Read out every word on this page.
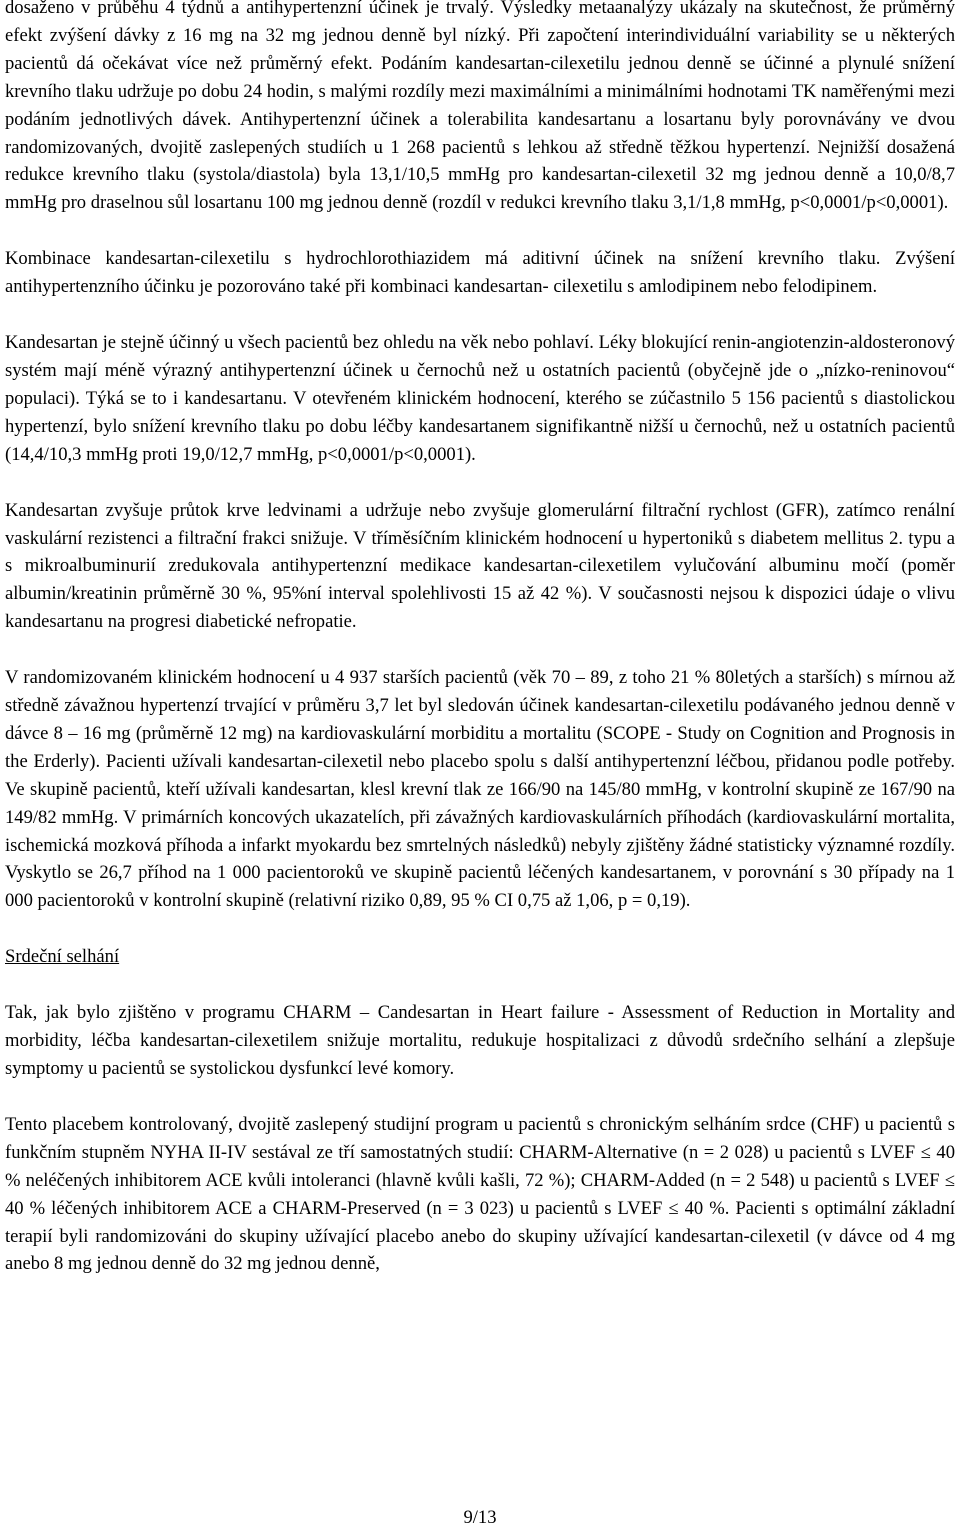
dosaženo v průběhu 4 týdnů a antihypertenzní účinek je trvalý. Výsledky metaanalýzy ukázaly na skutečnost, že průměrný efekt zvýšení dávky z 16 mg na 32 mg jednou denně byl nízký. Při započtení interindividuální variability se u některých pacientů dá očekávat více než průměrný efekt. Podáním kandesartan-cilexetilu jednou denně se účinné a plynulé snížení krevního tlaku udržuje po dobu 24 hodin, s malými rozdíly mezi maximálními a minimálními hodnotami TK naměřenými mezi podáním jednotlivých dávek. Antihypertenzní účinek a tolerabilita kandesartanu a losartanu byly porovnávány ve dvou randomizovaných, dvojitě zaslepených studiích u 1 268 pacientů s lehkou až středně těžkou hypertenzí. Nejnižší dosažená redukce krevního tlaku (systola/diastola) byla 13,1/10,5 mmHg pro kandesartan-cilexetil 32 mg jednou denně a 10,0/8,7 mmHg pro draselnou sůl losartanu 100 mg jednou denně (rozdíl v redukci krevního tlaku 3,1/1,8 mmHg, p<0,0001/p<0,0001).

Kombinace kandesartan-cilexetilu s hydrochlorothiazidem má aditivní účinek na snížení krevního tlaku. Zvýšení antihypertenzního účinku je pozorováno také při kombinaci kandesartan- cilexetilu s amlodipinem nebo felodipinem.

Kandesartan je stejně účinný u všech pacientů bez ohledu na věk nebo pohlaví. Léky blokující renin-angiotenzin-aldosteronový systém mají méně výrazný antihypertenzní účinek u černochů než u ostatních pacientů (obyčejně jde o „nízko-reninovou“ populaci). Týká se to i kandesartanu. V otevřeném klinickém hodnocení, kterého se zúčastnilo 5 156 pacientů s diastolickou hypertenzí, bylo snížení krevního tlaku po dobu léčby kandesartanem signifikantně nižší u černochů, než u ostatních pacientů (14,4/10,3 mmHg proti 19,0/12,7 mmHg, p<0,0001/p<0,0001).

Kandesartan zvyšuje průtok krve ledvinami a udržuje nebo zvyšuje glomerulární filtrační rychlost (GFR), zatímco renální vaskulární rezistenci a filtrační frakci snižuje. V tříměsíčním klinickém hodnocení u hypertoniků s diabetem mellitus 2. typu a s mikroalbuminurií zredukovala antihypertenzní medikace kandesartan-cilexetilem vylučování albuminu močí (poměr albumin/kreatinin průměrně 30 %, 95%ní interval spolehlivosti 15 až 42 %). V současnosti nejsou k dispozici údaje o vlivu kandesartanu na progresi diabetické nefropatie.

V randomizovaném klinickém hodnocení u 4 937 starších pacientů (věk 70 – 89, z toho 21 % 80letých a starších) s mírnou až středně závažnou hypertenzí trvající v průměru 3,7 let byl sledován účinek kandesartan-cilexetilu podávaného jednou denně v dávce 8 – 16 mg (průměrně 12 mg) na kardiovaskulární morbiditu a mortalitu (SCOPE - Study on Cognition and Prognosis in the Erderly). Pacienti užívali kandesartan-cilexetil nebo placebo spolu s další antihypertenzní léčbou, přidanou podle potřeby. Ve skupině pacientů, kteří užívali kandesartan, klesl krevní tlak ze 166/90 na 145/80 mmHg, v kontrolní skupině ze 167/90 na 149/82 mmHg. V primárních koncových ukazatelích, při závažných kardiovaskulárních příhodách (kardiovaskulární mortalita, ischemická mozková příhoda a infarkt myokardu bez smrtelných následků) nebyly zjištěny žádné statisticky významné rozdíly. Vyskytlo se 26,7 příhod na 1 000 pacientoroků ve skupině pacientů léčených kandesartanem, v porovnání s 30 případy na 1 000 pacientoroků v kontrolní skupině (relativní riziko 0,89, 95 % CI 0,75 až 1,06, p = 0,19).

Srdeční selhání

Tak, jak bylo zjištěno v programu CHARM – Candesartan in Heart failure - Assessment of Reduction in Mortality and morbidity, léčba kandesartan-cilexetilem snižuje mortalitu, redukuje hospitalizaci z důvodů srdečního selhání a zlepšuje symptomy u pacientů se systolickou dysfunkcí levé komory.

Tento placebem kontrolovaný, dvojitě zaslepený studijní program u pacientů s chronickým selháním srdce (CHF) u pacientů s funkčním stupněm NYHA II-IV sestával ze tří samostatných studií: CHARM-Alternative (n = 2 028) u pacientů s LVEF ≤ 40 % neléčených inhibitorem ACE kvůli intoleranci (hlavně kvůli kašli, 72 %); CHARM-Added (n = 2 548) u pacientů s LVEF ≤ 40 % léčených inhibitorem ACE a CHARM-Preserved (n = 3 023) u pacientů s LVEF ≤ 40 %. Pacienti s optimální základní terapií byli randomizováni do skupiny užívající placebo anebo do skupiny užívající kandesartan-cilexetil (v dávce od 4 mg anebo 8 mg jednou denně do 32 mg jednou denně,

9/13
